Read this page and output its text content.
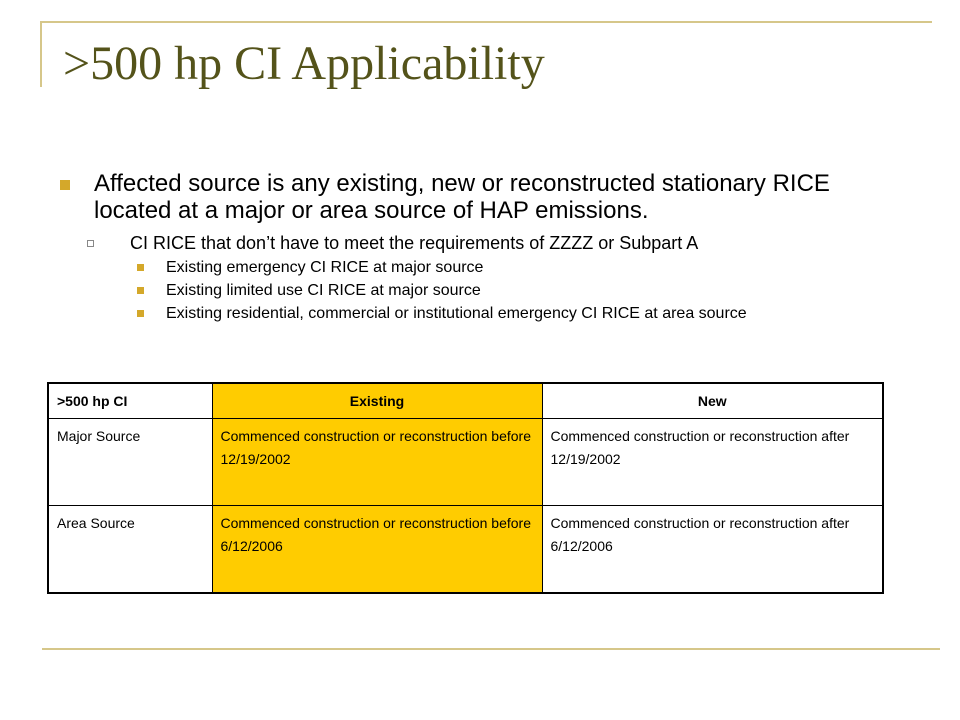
>500 hp CI Applicability
Affected source is any existing, new or reconstructed stationary RICE located at a major or area source of HAP emissions.
CI RICE that don’t have to meet the requirements of ZZZZ or Subpart A
Existing emergency CI RICE at major source
Existing limited use CI RICE at major source
Existing residential, commercial or institutional emergency CI RICE at area source
>500 hp CI	Existing	New
Major Source	Commenced construction or reconstruction before 12/19/2002	Commenced construction or reconstruction after 12/19/2002
Area Source	Commenced construction or reconstruction before 6/12/2006	Commenced construction or reconstruction after 6/12/2006
